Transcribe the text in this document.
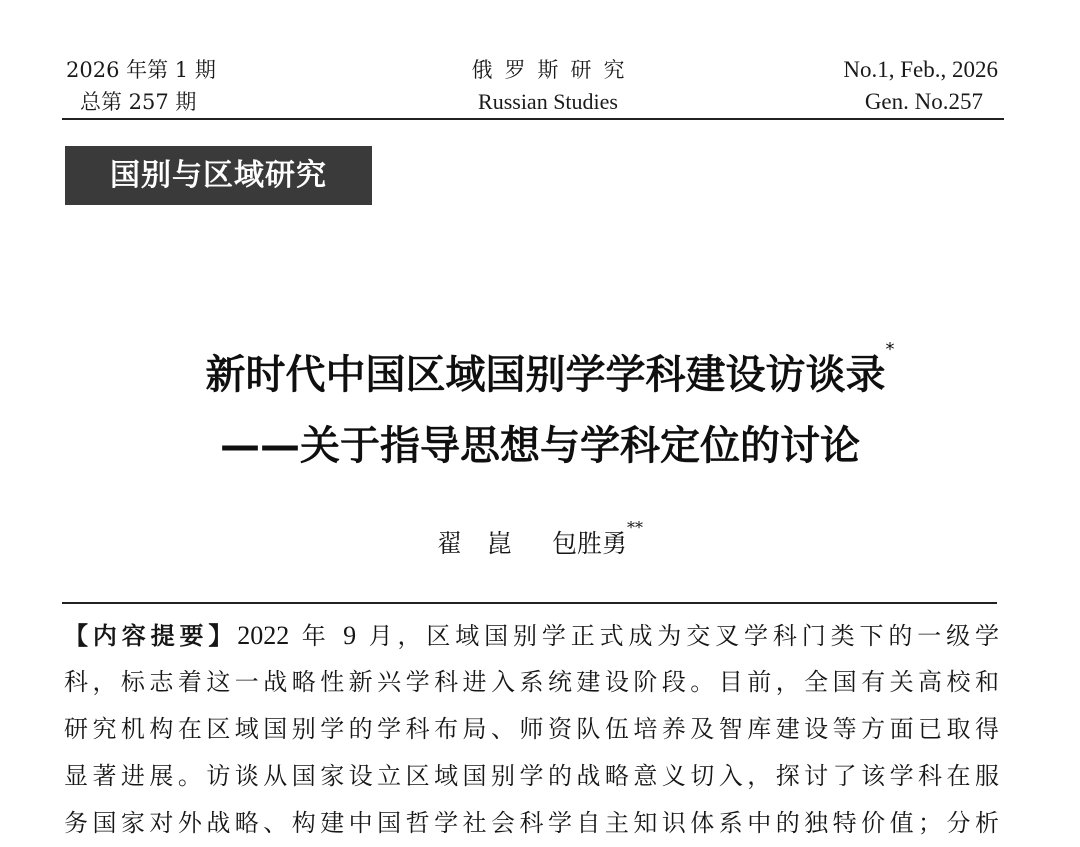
2026 年第 1 期
总第 257 期
俄罗斯研究
Russian Studies
No.1, Feb., 2026
Gen. No.257
国别与区域研究
新时代中国区域国别学学科建设访谈录*
——关于指导思想与学科定位的讨论
翟　崑 包胜勇**
【内容提要】2022 年 9 月，区域国别学正式成为交叉学科门类下的一级学
科，标志着这一战略性新兴学科进入系统建设阶段。目前，全国有关高校和
研究机构在区域国别学的学科布局、师资队伍培养及智库建设等方面已取得
显著进展。访谈从国家设立区域国别学的战略意义切入，探讨了该学科在服
务国家对外战略、构建中国哲学社会科学自主知识体系中的独特价值；分析
